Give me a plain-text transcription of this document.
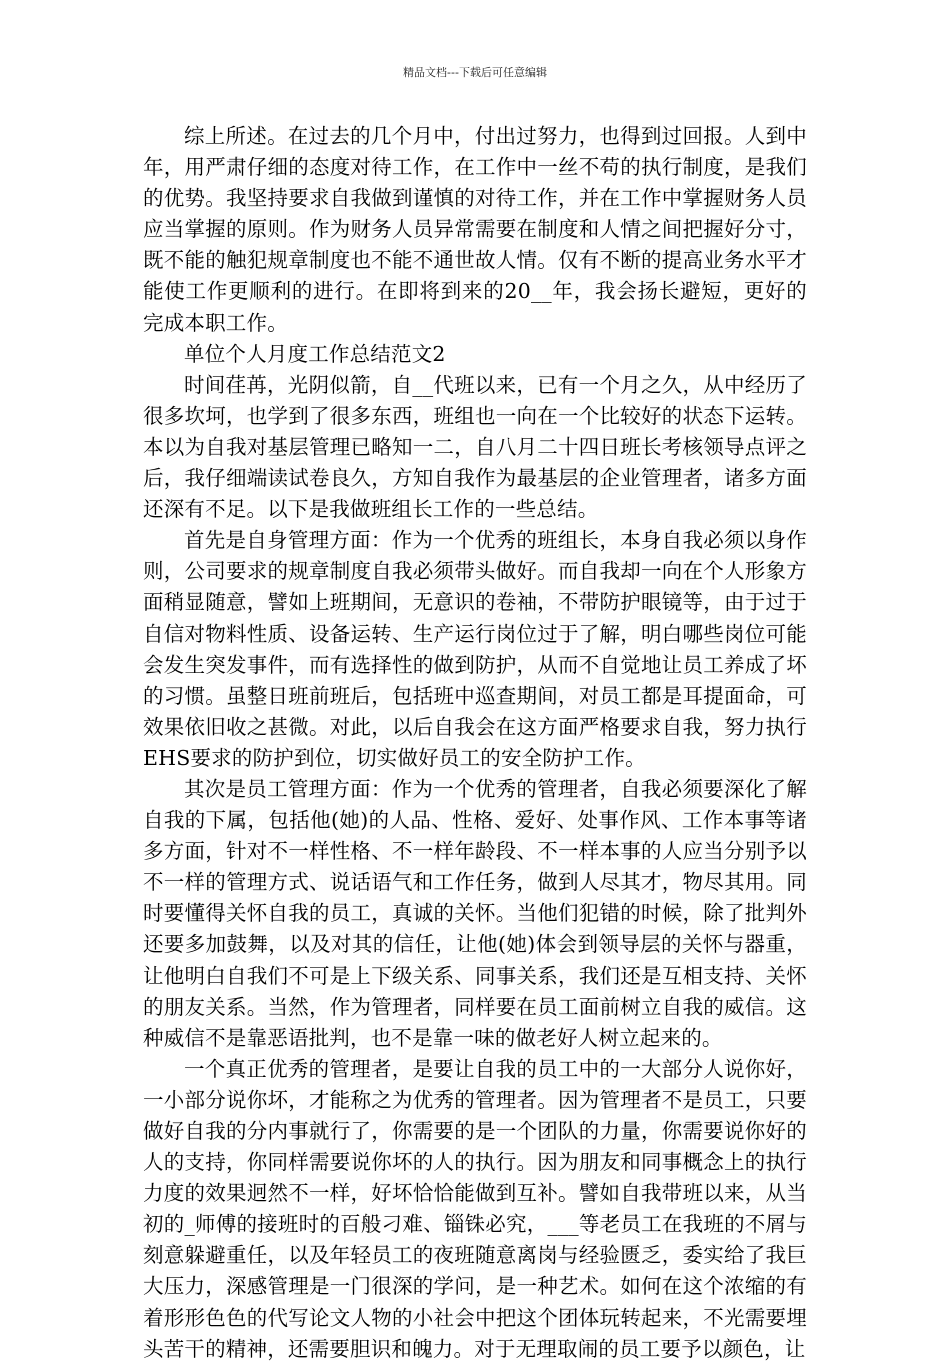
精品文档---下载后可任意编辑

综上所述。在过去的几个月中，付出过努力，也得到过回报。人到中年，用严肃仔细的态度对待工作，在工作中一丝不苟的执行制度，是我们的优势。我坚持要求自我做到谨慎的对待工作，并在工作中掌握财务人员应当掌握的原则。作为财务人员异常需要在制度和人情之间把握好分寸，既不能的触犯规章制度也不能不通世故人情。仅有不断的提高业务水平才能使工作更顺利的进行。在即将到来的20__年，我会扬长避短，更好的完成本职工作。

单位个人月度工作总结范文2

时间荏苒，光阴似箭，自__代班以来，已有一个月之久，从中经历了很多坎坷，也学到了很多东西，班组也一向在一个比较好的状态下运转。本以为自我对基层管理已略知一二，自八月二十四日班长考核领导点评之后，我仔细端读试卷良久，方知自我作为最基层的企业管理者，诸多方面还深有不足。以下是我做班组长工作的一些总结。

首先是自身管理方面：作为一个优秀的班组长，本身自我必须以身作则，公司要求的规章制度自我必须带头做好。而自我却一向在个人形象方面稍显随意，譬如上班期间，无意识的卷袖，不带防护眼镜等，由于过于自信对物料性质、设备运转、生产运行岗位过于了解，明白哪些岗位可能会发生突发事件，而有选择性的做到防护，从而不自觉地让员工养成了坏的习惯。虽整日班前班后，包括班中巡查期间，对员工都是耳提面命，可效果依旧收之甚微。对此，以后自我会在这方面严格要求自我，努力执行EHS要求的防护到位，切实做好员工的安全防护工作。

其次是员工管理方面：作为一个优秀的管理者，自我必须要深化了解自我的下属，包括他(她)的人品、性格、爱好、处事作风、工作本事等诸多方面，针对不一样性格、不一样年龄段、不一样本事的人应当分别予以不一样的管理方式、说话语气和工作任务，做到人尽其才，物尽其用。同时要懂得关怀自我的员工，真诚的关怀。当他们犯错的时候，除了批判外还要多加鼓舞，以及对其的信任，让他(她)体会到领导层的关怀与器重，让他明白自我们不可是上下级关系、同事关系，我们还是互相支持、关怀的朋友关系。当然，作为管理者，同样要在员工面前树立自我的威信。这种威信不是靠恶语批判，也不是靠一味的做老好人树立起来的。

一个真正优秀的管理者，是要让自我的员工中的一大部分人说你好，一小部分说你坏，才能称之为优秀的管理者。因为管理者不是员工，只要做好自我的分内事就行了，你需要的是一个团队的力量，你需要说你好的人的支持，你同样需要说你坏的人的执行。因为朋友和同事概念上的执行力度的效果迥然不一样，好坏恰恰能做到互补。譬如自我带班以来，从当初的_师傅的接班时的百般刁难、锱铢必究，___等老员工在我班的不屑与刻意躲避重任，以及年轻员工的夜班随意离岗与经验匮乏，委实给了我巨大压力，深感管理是一门很深的学问，是一种艺术。如何在这个浓缩的有着形形色色的代写论文人物的小社会中把这个团体玩转起来，不光需要埋头苦干的精神，还需要胆识和魄力。对于无理取闹的员工要予以颜色，让
